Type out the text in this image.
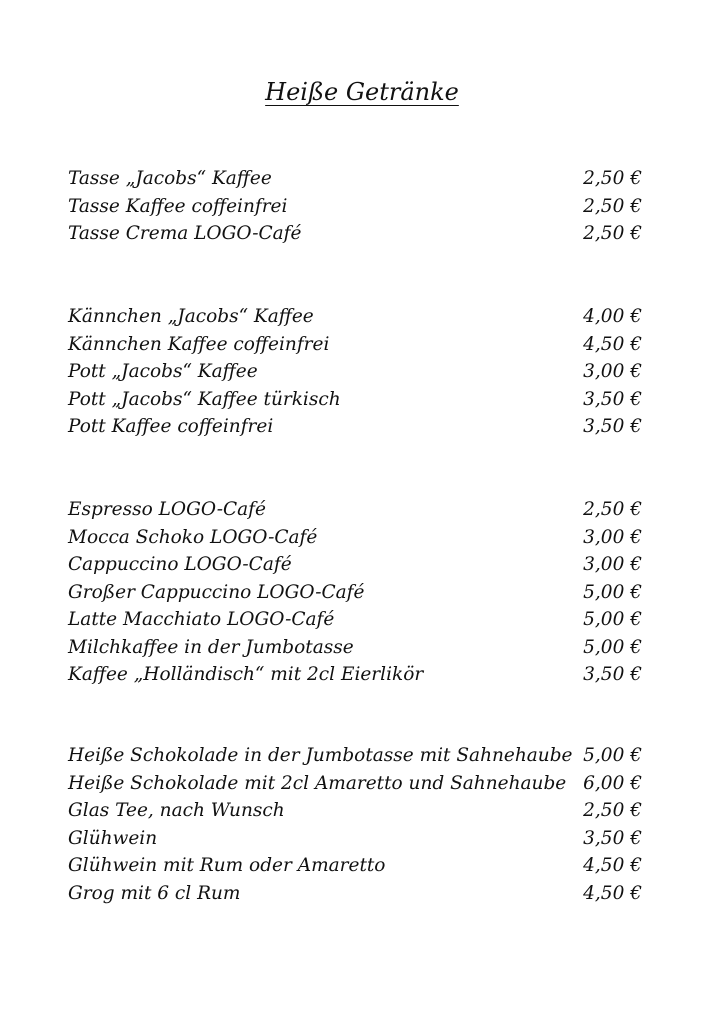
Heiße Getränke
Tasse „Jacobs“ Kaffee	2,50 €
Tasse Kaffee coffeinfrei	2,50 €
Tasse Crema LOGO-Café	2,50 €
Kännchen „Jacobs“ Kaffee	4,00 €
Kännchen Kaffee coffeinfrei	4,50 €
Pott „Jacobs“ Kaffee	3,00 €
Pott „Jacobs“ Kaffee türkisch	3,50 €
Pott Kaffee coffeinfrei	3,50 €
Espresso LOGO-Café	2,50 €
Mocca Schoko LOGO-Café	3,00 €
Cappuccino LOGO-Café	3,00 €
Großer Cappuccino LOGO-Café	5,00 €
Latte Macchiato LOGO-Café	5,00 €
Milchkaffee in der Jumbotasse	5,00 €
Kaffee „Holländisch“ mit 2cl Eierlikör	3,50 €
Heiße Schokolade in der Jumbotasse mit Sahnehaube 5,00 €
Heiße Schokolade mit 2cl Amaretto und Sahnehaube 6,00 €
Glas Tee, nach Wunsch	2,50 €
Glühwein	3,50 €
Glühwein mit Rum oder Amaretto	4,50 €
Grog mit 6 cl Rum	4,50 €
